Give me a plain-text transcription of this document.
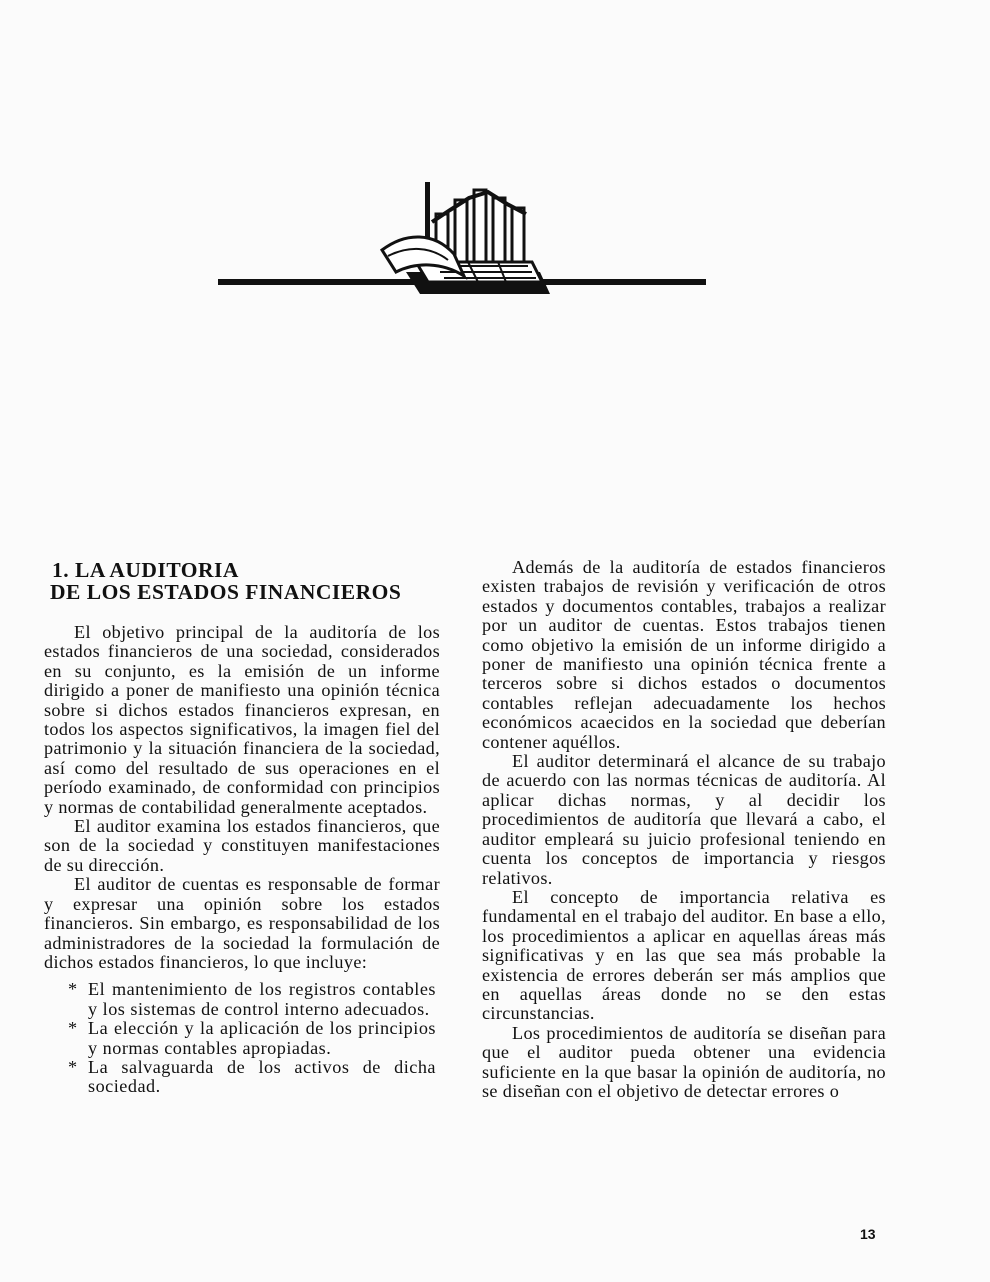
1. LA AUDITORIA
DE LOS ESTADOS FINANCIEROS

El objetivo principal de la auditoría de los estados financieros de una sociedad, considerados en su conjunto, es la emisión de un informe dirigido a poner de manifiesto una opinión técnica sobre si dichos estados financieros expresan, en todos los aspectos significativos, la imagen fiel del patrimonio y la situación financiera de la sociedad, así como del resultado de sus operaciones en el período examinado, de conformidad con principios y normas de contabilidad generalmente aceptados.

El auditor examina los estados financieros, que son de la sociedad y constituyen manifestaciones de su dirección.

El auditor de cuentas es responsable de formar y expresar una opinión sobre los estados financieros. Sin embargo, es responsabilidad de los administradores de la sociedad la formulación de dichos estados financieros, lo que incluye:

* El mantenimiento de los registros contables y los sistemas de control interno adecuados.
* La elección y la aplicación de los principios y normas contables apropiadas.
* La salvaguarda de los activos de dicha sociedad.

Además de la auditoría de estados financieros existen trabajos de revisión y verificación de otros estados y documentos contables, trabajos a realizar por un auditor de cuentas. Estos trabajos tienen como objetivo la emisión de un informe dirigido a poner de manifiesto una opinión técnica frente a terceros sobre si dichos estados o documentos contables reflejan adecuadamente los hechos económicos acaecidos en la sociedad que deberían contener aquéllos.

El auditor determinará el alcance de su trabajo de acuerdo con las normas técnicas de auditoría. Al aplicar dichas normas, y al decidir los procedimientos de auditoría que llevará a cabo, el auditor empleará su juicio profesional teniendo en cuenta los conceptos de importancia y riesgos relativos.

El concepto de importancia relativa es fundamental en el trabajo del auditor. En base a ello, los procedimientos a aplicar en aquellas áreas más significativas y en las que sea más probable la existencia de errores deberán ser más amplios que en aquellas áreas donde no se den estas circunstancias.

Los procedimientos de auditoría se diseñan para que el auditor pueda obtener una evidencia suficiente en la que basar la opinión de auditoría, no se diseñan con el objetivo de detectar errores o

13
